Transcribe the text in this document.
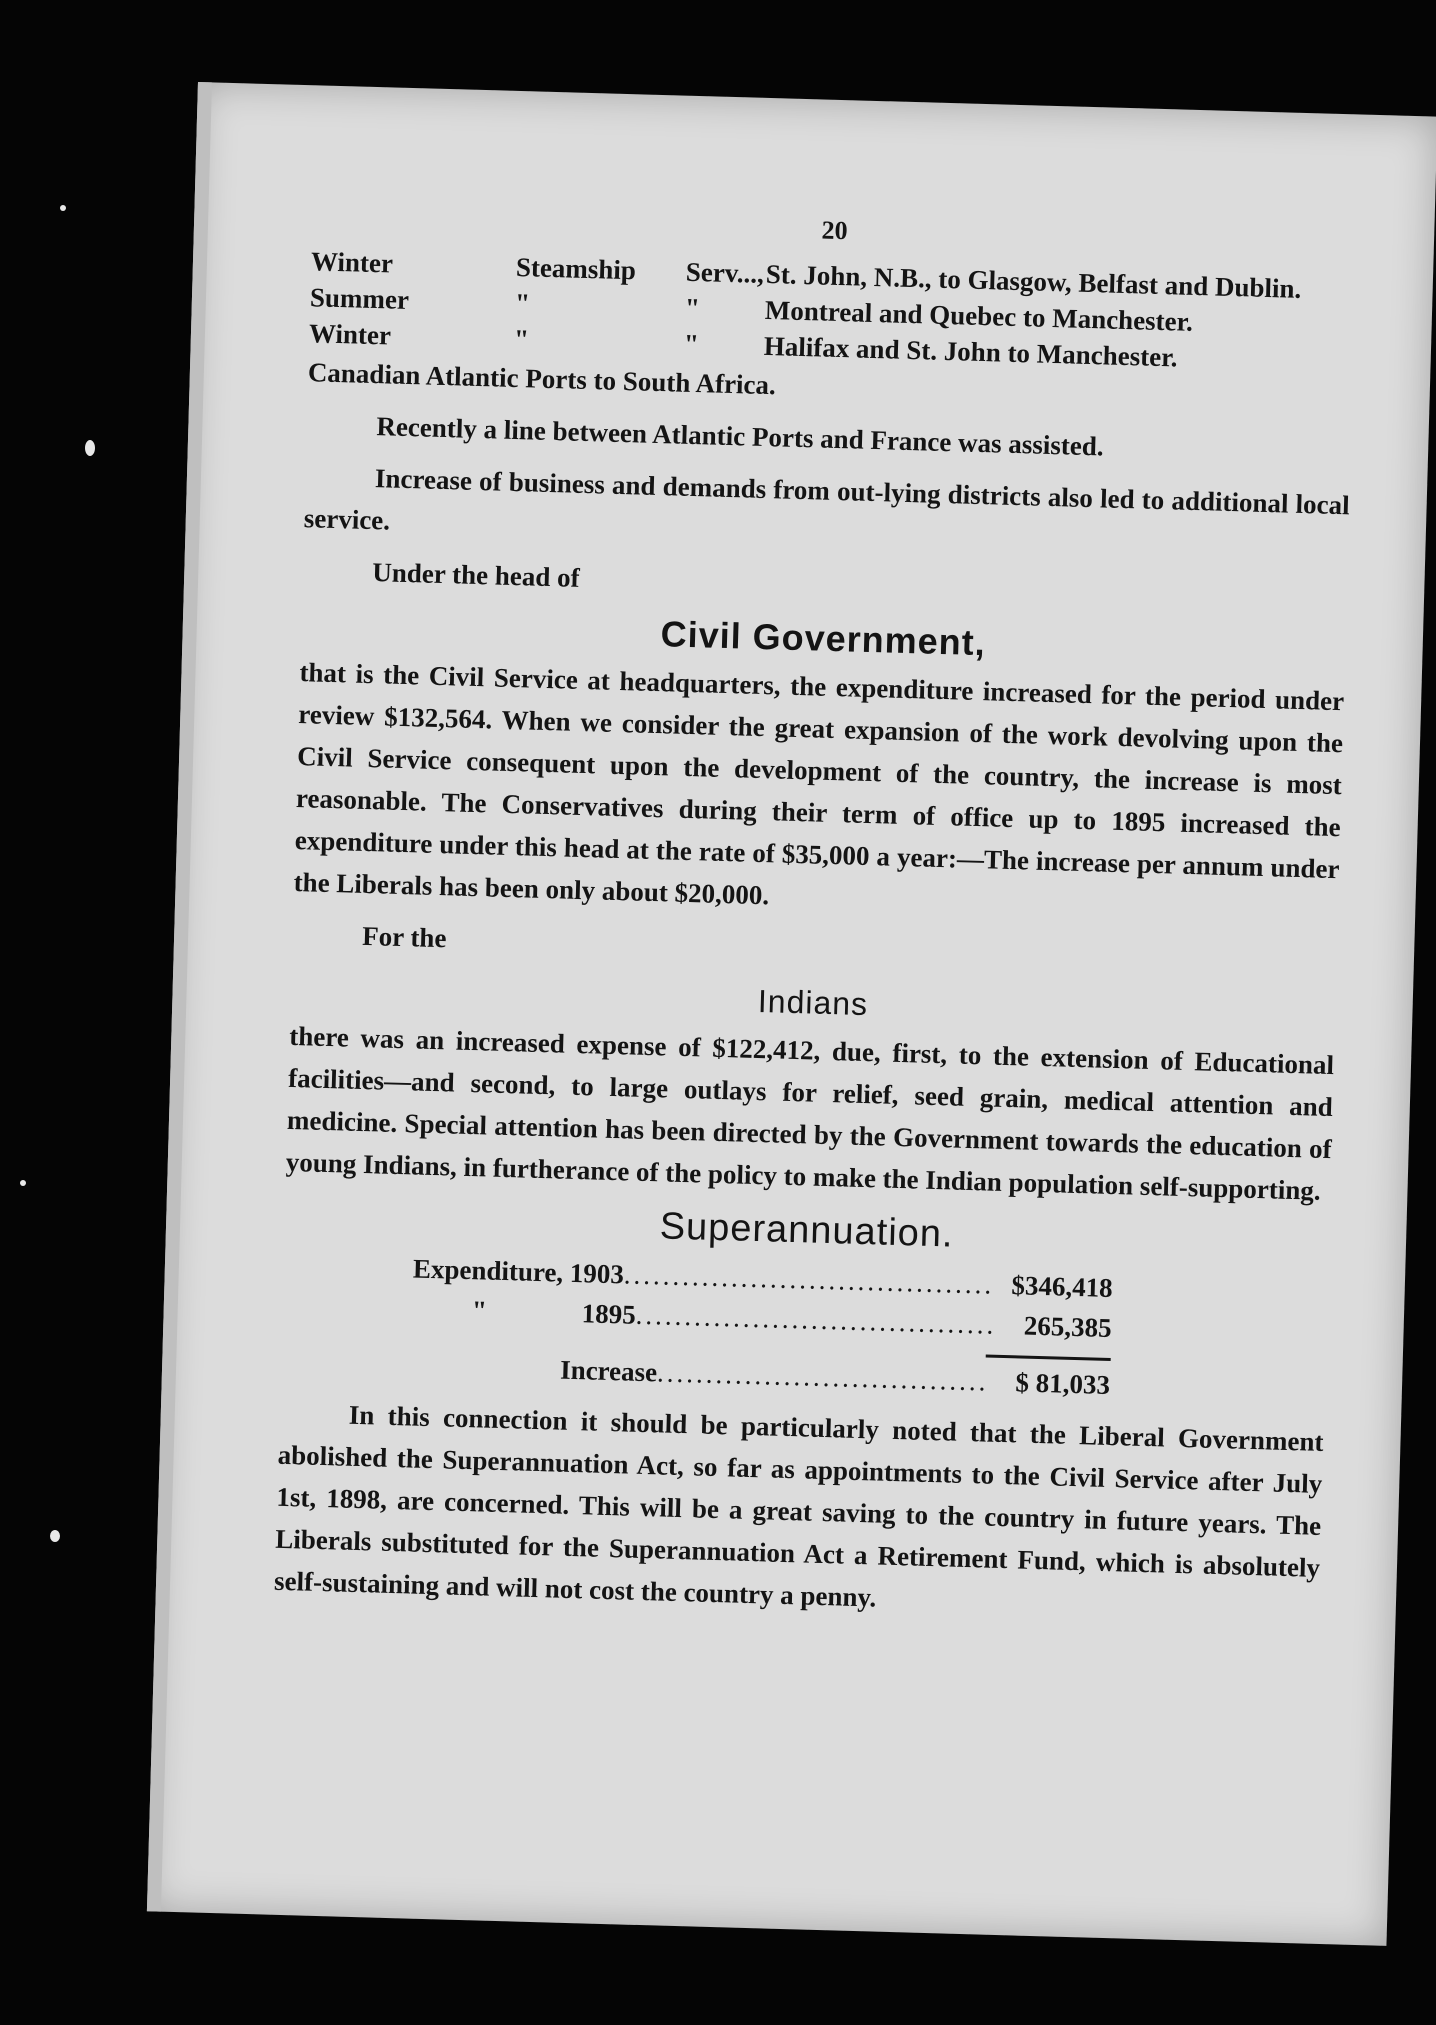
20
Winter	Steamship	Serv...,	St. John, N.B., to Glasgow, Belfast and Dublin.
Summer	"	"	Montreal and Quebec to Manchester.
Winter	"	"	Halifax and St. John to Manchester.
Canadian Atlantic Ports to South Africa.

Recently a line between Atlantic Ports and France was assisted.

Increase of business and demands from out-lying districts also led to additional local service.

Under the head of

Civil Government,

that is the Civil Service at headquarters, the expenditure increased for the period under review $132,564. When we consider the great expansion of the work devolving upon the Civil Service consequent upon the development of the country, the increase is most reasonable. The Conservatives during their term of office up to 1895 increased the expenditure under this head at the rate of $35,000 a year:—The increase per annum under the Liberals has been only about $20,000.

For the

Indians

there was an increased expense of $122,412, due, first, to the extension of Educational facilities—and second, to large outlays for relief, seed grain, medical attention and medicine. Special attention has been directed by the Government towards the education of young Indians, in furtherance of the policy to make the Indian population self-supporting.

Superannuation.
Expenditure, 1903 .....	$346,418
"	1895 .....	265,385
Increase .....	$ 81,033

In this connection it should be particularly noted that the Liberal Government abolished the Superannuation Act, so far as appointments to the Civil Service after July 1st, 1898, are concerned. This will be a great saving to the country in future years. The Liberals substituted for the Superannuation Act a Retirement Fund, which is absolutely self-sustaining and will not cost the country a penny.
